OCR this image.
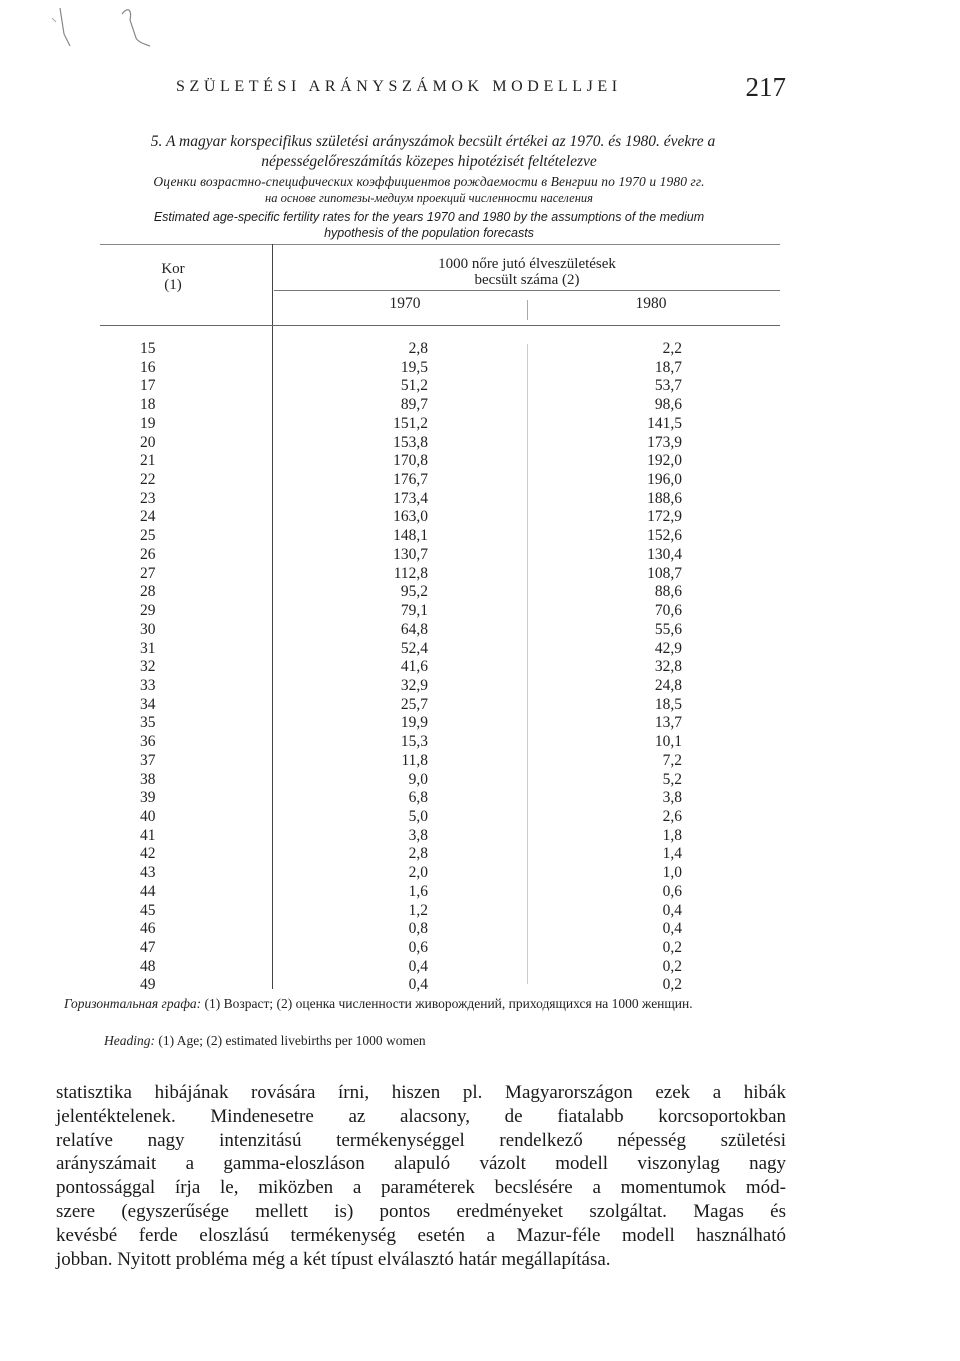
SZÜLETÉSI ARÁNYSZÁMOK MODELLJEI	217
5. A magyar korspecifikus születési arányszámok becsült értékei az 1970. és 1980. évekre a
népességelőreszámítás közepes hipotézisét feltételezve
Оценки возрастно-специфических коэффициентов рождаемости в Венгрии по 1970 и 1980 гг.
на основе гипотезы-медиум проекций численности населения
Estimated age-specific fertility rates for the years 1970 and 1980 by the assumptions of the medium
hypothesis of the population forecasts
Kor
(1)
1000 nőre jutó élveszületések
becsült száma (2)
1970	1980
15	2,8	2,2
16	19,5	18,7
17	51,2	53,7
18	89,7	98,6
19	151,2	141,5
20	153,8	173,9
21	170,8	192,0
22	176,7	196,0
23	173,4	188,6
24	163,0	172,9
25	148,1	152,6
26	130,7	130,4
27	112,8	108,7
28	95,2	88,6
29	79,1	70,6
30	64,8	55,6
31	52,4	42,9
32	41,6	32,8
33	32,9	24,8
34	25,7	18,5
35	19,9	13,7
36	15,3	10,1
37	11,8	7,2
38	9,0	5,2
39	6,8	3,8
40	5,0	2,6
41	3,8	1,8
42	2,8	1,4
43	2,0	1,0
44	1,6	0,6
45	1,2	0,4
46	0,8	0,4
47	0,6	0,2
48	0,4	0,2
49	0,4	0,2
Горизонтальная графа: (1) Возраст; (2) оценка численности живорождений, приходящихся на 1000 женщин.
Heading: (1) Age; (2) estimated livebirths per 1000 women
statisztika hibájának rovására írni, hiszen pl. Magyarországon ezek a hibák
jelentéktelenek. Mindenesetre az alacsony, de fiatalabb korcsoportokban
relatíve nagy intenzitású termékenységgel rendelkező népesség születési
arányszámait a gamma-eloszláson alapuló vázolt modell viszonylag nagy
pontossággal írja le, miközben a paraméterek becslésére a momentumok mód-
szere (egyszerűsége mellett is) pontos eredményeket szolgáltat. Magas és
kevésbé ferde eloszlású termékenység esetén a Mazur-féle modell használható
jobban. Nyitott probléma még a két típust elválasztó határ megállapítása.
